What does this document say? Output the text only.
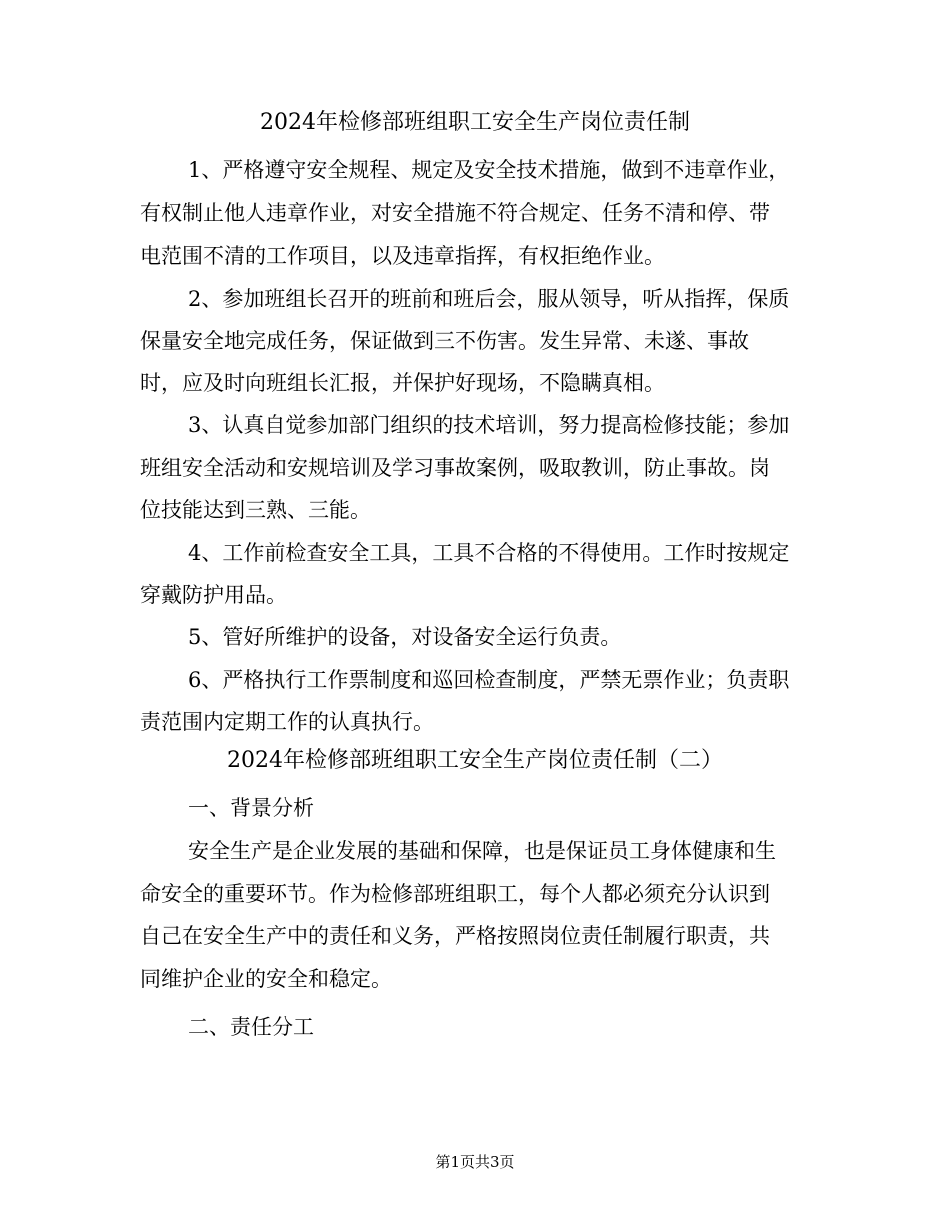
2024年检修部班组职工安全生产岗位责任制
1、严格遵守安全规程、规定及安全技术措施，做到不违章作业，
有权制止他人违章作业，对安全措施不符合规定、任务不清和停、带
电范围不清的工作项目，以及违章指挥，有权拒绝作业。
2、参加班组长召开的班前和班后会，服从领导，听从指挥，保质
保量安全地完成任务，保证做到三不伤害。发生异常、未遂、事故
时，应及时向班组长汇报，并保护好现场，不隐瞒真相。
3、认真自觉参加部门组织的技术培训，努力提高检修技能；参加
班组安全活动和安规培训及学习事故案例，吸取教训，防止事故。岗
位技能达到三熟、三能。
4、工作前检查安全工具，工具不合格的不得使用。工作时按规定
穿戴防护用品。
5、管好所维护的设备，对设备安全运行负责。
6、严格执行工作票制度和巡回检查制度，严禁无票作业；负责职
责范围内定期工作的认真执行。
2024年检修部班组职工安全生产岗位责任制（二）
一、背景分析
安全生产是企业发展的基础和保障，也是保证员工身体健康和生
命安全的重要环节。作为检修部班组职工，每个人都必须充分认识到
自己在安全生产中的责任和义务，严格按照岗位责任制履行职责，共
同维护企业的安全和稳定。
二、责任分工
第1页共3页
